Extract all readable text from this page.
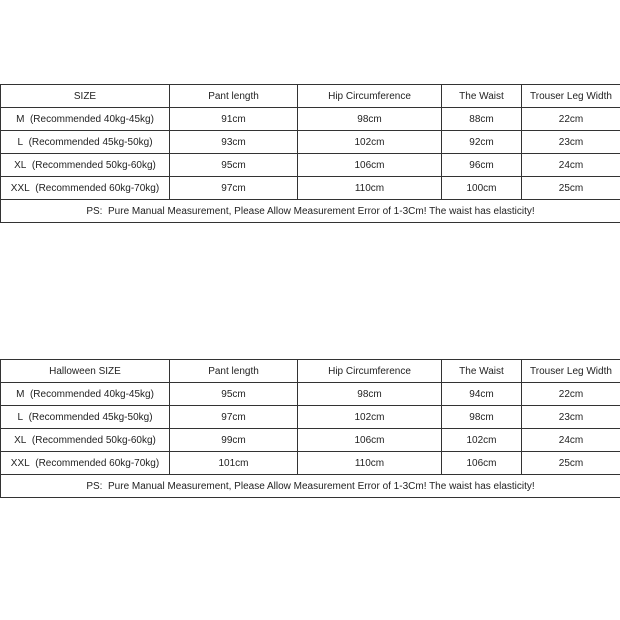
SIZE	Pant length	Hip Circumference	The Waist	Trouser Leg Width
M  (Recommended 40kg-45kg)	91cm	98cm	88cm	22cm
L  (Recommended 45kg-50kg)	93cm	102cm	92cm	23cm
XL  (Recommended 50kg-60kg)	95cm	106cm	96cm	24cm
XXL  (Recommended 60kg-70kg)	97cm	110cm	100cm	25cm
PS:  Pure Manual Measurement, Please Allow Measurement Error of 1-3Cm! The waist has elasticity!				
Halloween SIZE	Pant length	Hip Circumference	The Waist	Trouser Leg Width
M  (Recommended 40kg-45kg)	95cm	98cm	94cm	22cm
L  (Recommended 45kg-50kg)	97cm	102cm	98cm	23cm
XL  (Recommended 50kg-60kg)	99cm	106cm	102cm	24cm
XXL  (Recommended 60kg-70kg)	101cm	110cm	106cm	25cm
PS:  Pure Manual Measurement, Please Allow Measurement Error of 1-3Cm! The waist has elasticity!				
